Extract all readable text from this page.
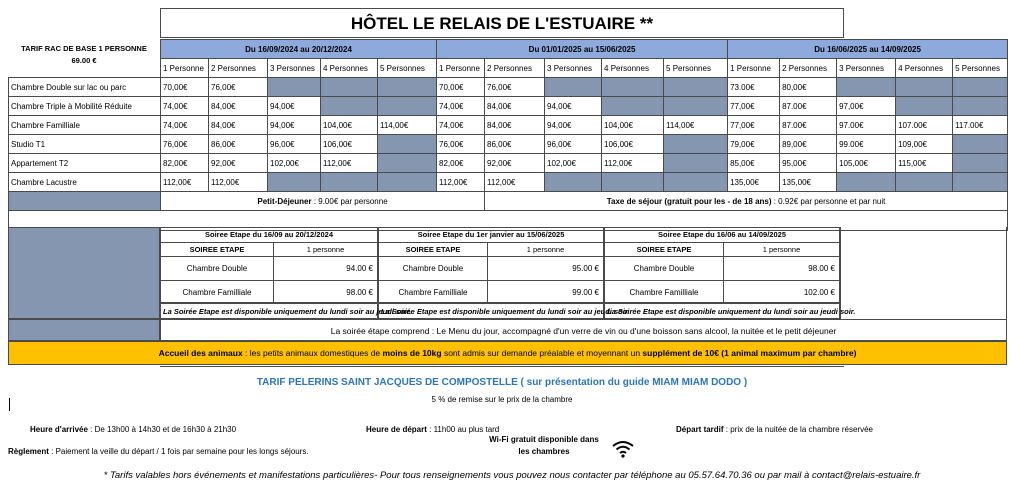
HÔTEL LE RELAIS DE L'ESTUAIRE **
TARIF RAC DE BASE 1 PERSONNE
69.00 €
	Du 16/09/2024 au 20/12/2024					Du 01/01/2025 au 15/06/2025					Du 16/06/2025 au 14/09/2025				
	1 Personne	2 Personnes	3 Personnes	4 Personnes	5 Personnes	1 Personne	2 Personnes	3 Personnes	4 Personnes	5 Personnes	1 Personne	2 Personnes	3 Personnes	4 Personnes	5 Personnes
Chambre Double sur lac ou parc	70,00€	76,00€				70,00€	76,00€				73.00€	80,00€			
Chambre Triple à Mobilité Réduite	74,00€	84,00€	94,00€			74,00€	84,00€	94,00€			77,00€	87.00€	97,00€		
Chambre Familliale	74,00€	84,00€	94,00€	104,00€	114,00€	74,00€	84,00€	94,00€	104,00€	114,00€	77,00€	87.00€	97.00€	107.00€	117.00€
Studio T1	76,00€	86,00€	96,00€	106,00€		76,00€	86,00€	96,00€	106,00€		79,00€	89,00€	99.00€	109,00€	
Appartement T2	82,00€	92,00€	102,00€	112,00€		82,00€	92,00€	102,00€	112,00€		85,00€	95,00€	105,00€	115,00€	
Chambre Lacustre	112,00€	112,00€				112,00€	112,00€				135,00€	135,00€			
	Petit-Déjeuner : 9.00€ par personne						Taxe de séjour (gratuit pour les - de 18 ans) : 0.92€ par personne et par nuit								

Soiree Etape du 16/09 au 20/12/2024
SOIREE ETAPE	1 personne
Chambre Double	94.00 €
Chambre Familliale	98.00 €
Soiree Etape du 1er janvier au 15/06/2025
SOIREE ETAPE	1 personne
Chambre Double	95.00 €
Chambre Familliale	99.00 €
Soiree Etape du 16/06 au 14/09/2025
SOIREE ETAPE	1 personne
Chambre Double	98.00 €
Chambre Familliale	102.00 €
La Soirée Etape est disponible uniquement du lundi soir au jeudi soir.
La Soirée Etape est disponible uniquement du lundi soir au jeudi soir.
La Soirée Etape est disponible uniquement du lundi soir au jeudi soir.
La soirée étape comprend : Le Menu du jour, accompagné d'un verre de vin ou d'une boisson sans alcool, la nuitée et le petit déjeuner
Accueil des animaux : les petits animaux domestiques de moins de 10kg sont admis sur demande préalable et moyennant un supplément de 10€ (1 animal maximum par chambre)
TARIF PELERINS SAINT JACQUES DE COMPOSTELLE ( sur présentation du guide MIAM MIAM DODO )
5 % de remise sur le prix de la chambre
Heure d'arrivée : De 13h00 à 14h30 et de 16h30 à 21h30	Heure de départ : 11h00 au plus tard	Départ tardif : prix de la nuitée de la chambre réservée
Wi-Fi gratuit disponible dans
les chambres
Règlement : Paiement la veille du départ / 1 fois par semaine pour les longs séjours.
* Tarifs valables hors événements et manifestations particulières- Pour tous renseignements vous pouvez nous contacter par téléphone au 05.57.64.70.36 ou par mail à contact@relais-estuaire.fr
